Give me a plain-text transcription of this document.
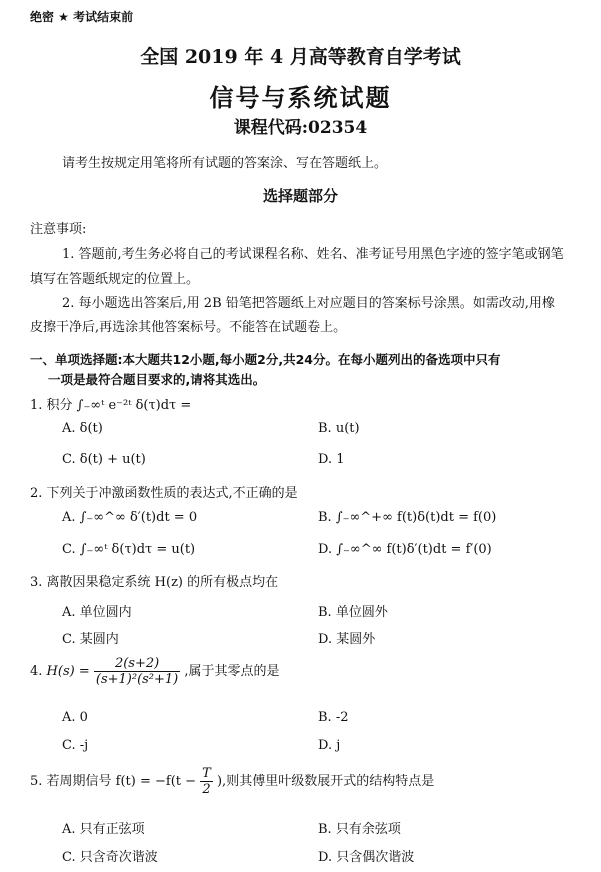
绝密 ★ 考试结束前
全国 2019 年 4 月高等教育自学考试
信号与系统试题
课程代码:02354
请考生按规定用笔将所有试题的答案涂、写在答题纸上。
选择题部分
注意事项:
1. 答题前,考生务必将自己的考试课程名称、姓名、准考证号用黑色字迹的签字笔或钢笔
填写在答题纸规定的位置上。
2. 每小题选出答案后,用 2B 铅笔把答题纸上对应题目的答案标号涂黑。如需改动,用橡
皮擦干净后,再选涂其他答案标号。不能答在试题卷上。
一、单项选择题:本大题共12小题,每小题2分,共24分。在每小题列出的备选项中只有
一项是最符合题目要求的,请将其选出。
1. 积分 ∫₋∞ᵗ e⁻²ᵗ δ(τ)dτ =
A. δ(t)	B. u(t)
C. δ(t) + u(t)	D. 1
2. 下列关于冲激函数性质的表达式,不正确的是
A. ∫₋∞^∞ δ′(t)dt = 0	B. ∫₋∞^+∞ f(t)δ(t)dt = f(0)
C. ∫₋∞ᵗ δ(τ)dτ = u(t)	D. ∫₋∞^∞ f(t)δ′(t)dt = f′(0)
3. 离散因果稳定系统 H(z) 的所有极点均在
A. 单位圆内	B. 单位圆外
C. 某圆内	D. 某圆外
4. $H(s) = \frac{2(s+2)}{\text{(s+1)²(s²+1)}}$ ,属于其零点的是
A. 0	B. -2
C. -j	D. j
5. 若周期信号 $f(t) = -f(t - \frac{T}{2}$ ),则其傅里叶级数展开式的结构特点是
A. 只有正弦项	B. 只有余弦项
C. 只含奇次谐波	D. 只含偶次谐波
